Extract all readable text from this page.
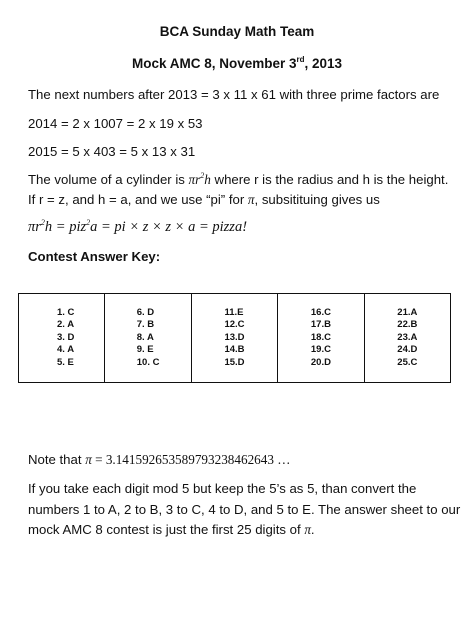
BCA Sunday Math Team
Mock AMC 8, November 3rd, 2013
The next numbers after 2013 = 3 x 11 x 61 with three prime factors are
2014 = 2 x 1007 = 2 x 19 x 53
2015 = 5 x 403 = 5 x 13 x 31
The volume of a cylinder is $\pi r^2h$ where r is the radius and h is the height.
If r = z, and h = a, and we use “pi” for π, subsitituing gives us
$\pi r^2h = piz^2a$ = pi × z × z × a = pizza!
Contest Answer Key:
1. C
2. A
3. D
4. A
5. E
6. D
7. B
8. A
9. E
10. C
11.E
12.C
13.D
14.B
15.D
16.C
17.B
18.C
19.C
20.D
21.A
22.B
23.A
24.D
25.C
Note that π = 3.14159265358979323846264​3 …
If you take each digit mod 5 but keep the 5’s as 5, than convert the
numbers 1 to A, 2 to B, 3 to C, 4 to D, and 5 to E. The answer sheet to our
mock AMC 8 contest is just the first 25 digits of π.
